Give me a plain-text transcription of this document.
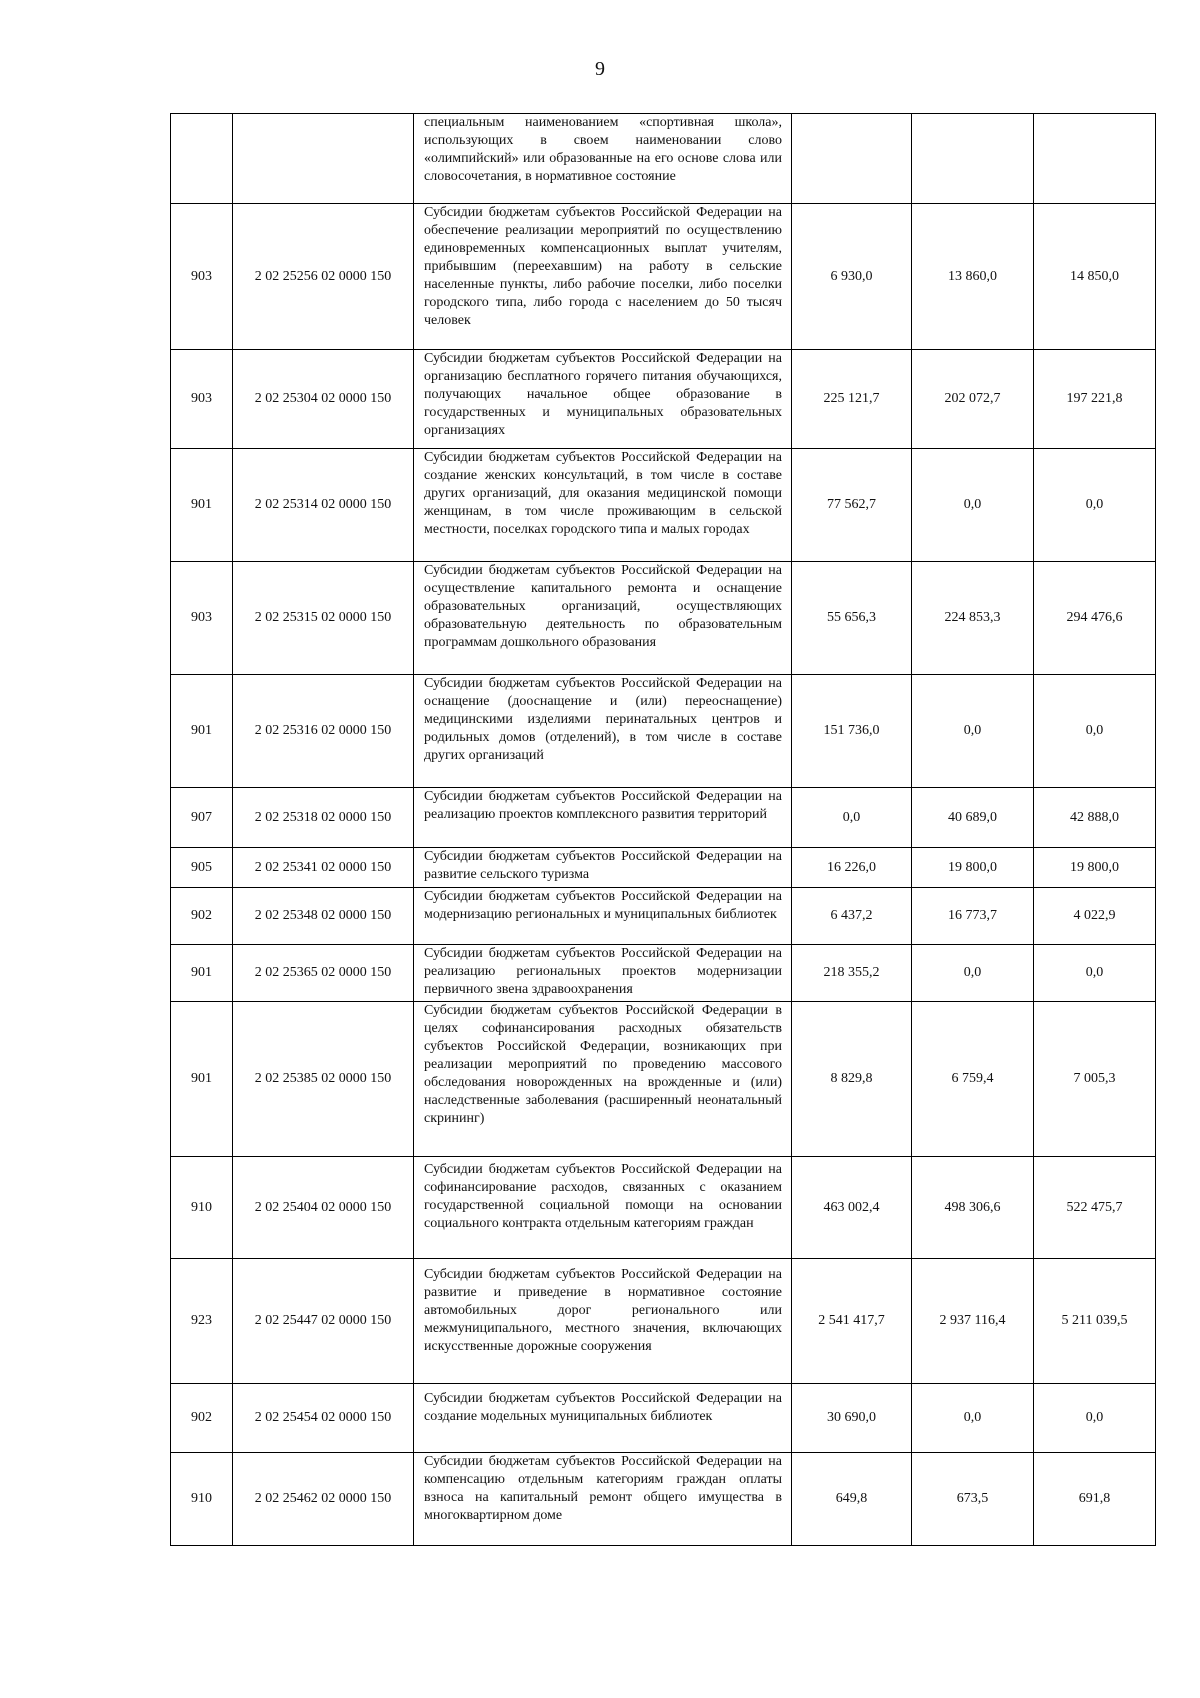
9
		специальным наименованием «спортивная школа», использующих в своем наименовании слово «олимпийский» или образованные на его основе слова или словосочетания, в нормативное состояние			
903	2 02 25256 02 0000 150	Субсидии бюджетам субъектов Российской Федерации на обеспечение реализации мероприятий по осуществлению единовременных компенсационных выплат учителям, прибывшим (переехавшим) на работу в сельские населенные пункты, либо рабочие поселки, либо поселки городского типа, либо города с населением до 50 тысяч человек	6 930,0	13 860,0	14 850,0
903	2 02 25304 02 0000 150	Субсидии бюджетам субъектов Российской Федерации на организацию бесплатного горячего питания обучающихся, получающих начальное общее образование в государственных и муниципальных образовательных организациях	225 121,7	202 072,7	197 221,8
901	2 02 25314 02 0000 150	Субсидии бюджетам субъектов Российской Федерации на создание женских консультаций, в том числе в составе других организаций, для оказания медицинской помощи женщинам, в том числе проживающим в сельской местности, поселках городского типа и малых городах	77 562,7	0,0	0,0
903	2 02 25315 02 0000 150	Субсидии бюджетам субъектов Российской Федерации на осуществление капитального ремонта и оснащение образовательных организаций, осуществляющих образовательную деятельность по образовательным программам дошкольного образования	55 656,3	224 853,3	294 476,6
901	2 02 25316 02 0000 150	Субсидии бюджетам субъектов Российской Федерации на оснащение (дооснащение и (или) переоснащение) медицинскими изделиями перинатальных центров и родильных домов (отделений), в том числе в составе других организаций	151 736,0	0,0	0,0
907	2 02 25318 02 0000 150	Субсидии бюджетам субъектов Российской Федерации на реализацию проектов комплексного развития территорий	0,0	40 689,0	42 888,0
905	2 02 25341 02 0000 150	Субсидии бюджетам субъектов Российской Федерации на развитие сельского туризма	16 226,0	19 800,0	19 800,0
902	2 02 25348 02 0000 150	Субсидии бюджетам субъектов Российской Федерации на модернизацию региональных и муниципальных библиотек	6 437,2	16 773,7	4 022,9
901	2 02 25365 02 0000 150	Субсидии бюджетам субъектов Российской Федерации на реализацию региональных проектов модернизации первичного звена здравоохранения	218 355,2	0,0	0,0
901	2 02 25385 02 0000 150	Субсидии бюджетам субъектов Российской Федерации в целях софинансирования расходных обязательств субъектов Российской Федерации, возникающих при реализации мероприятий по проведению массового обследования новорожденных на врожденные и (или) наследственные заболевания (расширенный неонатальный скрининг)	8 829,8	6 759,4	7 005,3
910	2 02 25404 02 0000 150	Субсидии бюджетам субъектов Российской Федерации на софинансирование расходов, связанных с оказанием государственной социальной помощи на основании социального контракта отдельным категориям граждан	463 002,4	498 306,6	522 475,7
923	2 02 25447 02 0000 150	Субсидии бюджетам субъектов Российской Федерации на развитие и приведение в нормативное состояние автомобильных дорог регионального или межмуниципального, местного значения, включающих искусственные дорожные сооружения	2 541 417,7	2 937 116,4	5 211 039,5
902	2 02 25454 02 0000 150	Субсидии бюджетам субъектов Российской Федерации на создание модельных муниципальных библиотек	30 690,0	0,0	0,0
910	2 02 25462 02 0000 150	Субсидии бюджетам субъектов Российской Федерации на компенсацию отдельным категориям граждан оплаты взноса на капитальный ремонт общего имущества в многоквартирном доме	649,8	673,5	691,8
